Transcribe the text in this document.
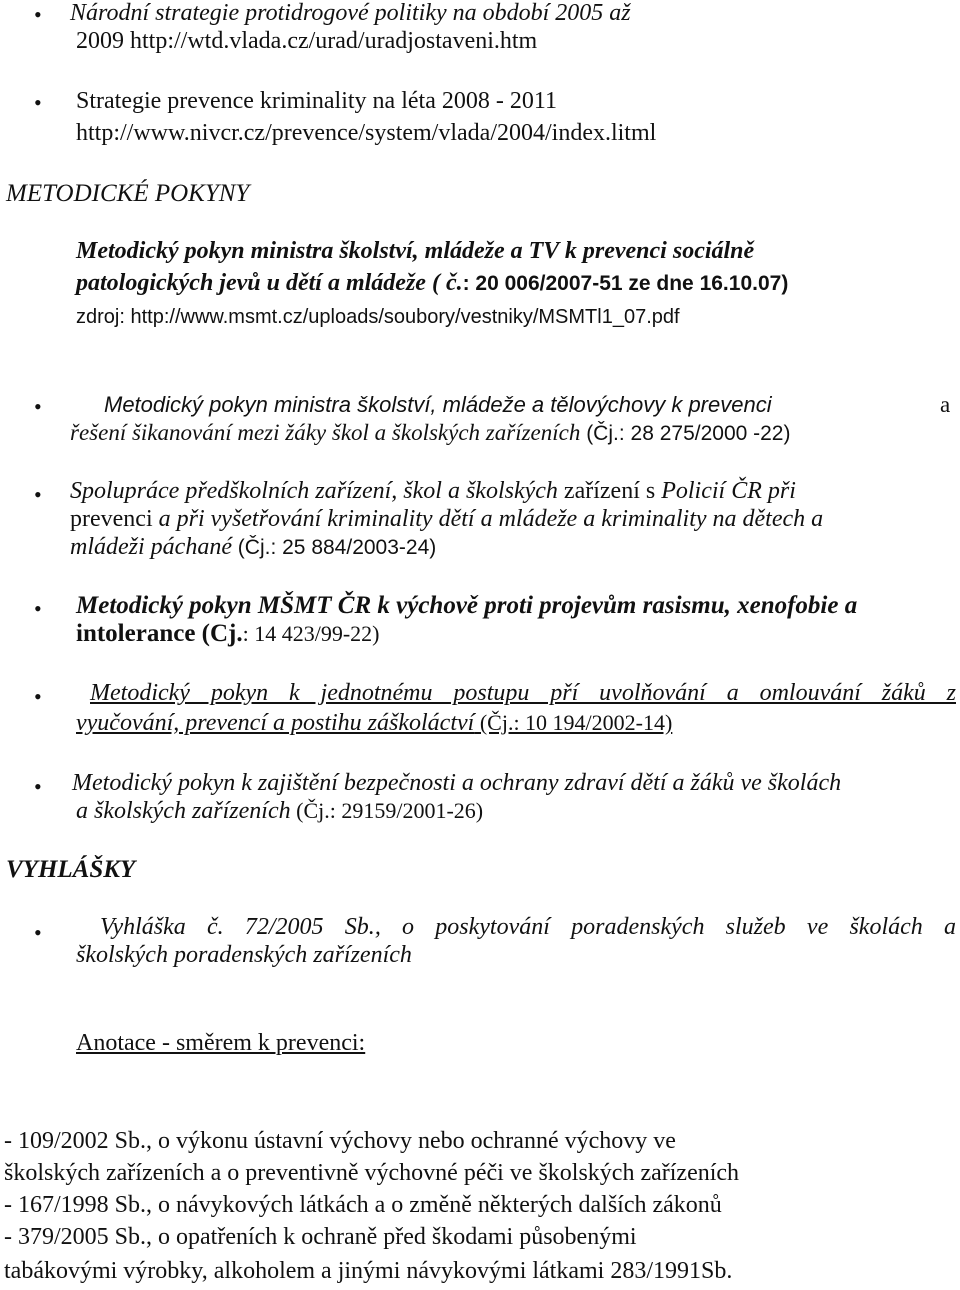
• Národní strategie protidrogové politiky na období 2005 až
2009 http://wtd.vlada.cz/urad/uradjostaveni.htm
• Strategie prevence kriminality na léta 2008 - 2011
http://www.nivcr.cz/prevence/system/vlada/2004/index.litml
METODICKÉ POKYNY
Metodický pokyn ministra školství, mládeže a TV k prevenci sociálně
patologických jevů u dětí a mládeže ( č.: 20 006/2007-51 ze dne 16.10.07)
zdroj: http://www.msmt.cz/uploads/soubory/vestniky/MSMTl1_07.pdf
•	Metodický pokyn ministra školství, mládeže a tělovýchovy k prevenci	a
řešení šikanování mezi žáky škol a školských zařízeních (Čj.: 28 275/2000 -22)
• Spolupráce předškolních zařízení, škol a školských zařízení s Policií ČR při
prevenci a při vyšetřování kriminality dětí a mládeže a kriminality na dětech a
mládeži páchané (Čj.: 25 884/2003-24)
• Metodický pokyn MŠMT ČR k výchově proti projevům rasismu, xenofobie a
intolerance (Cj.: 14 423/99-22)
• Metodický pokyn k jednotnému postupu pří uvolňování a omlouvání žáků z
vyučování, prevencí a postihu záškoláctví (Čj.: 10 194/2002-14)
• Metodický pokyn k zajištění bezpečnosti a ochrany zdraví dětí a žáků ve školách
a školských zařízeních (Čj.: 29159/2001-26)
VYHLÁŠKY
• Vyhláška č. 72/2005 Sb., o poskytování poradenských služeb ve školách a
školských poradenských zařízeních
Anotace - směrem k prevenci:
- 109/2002 Sb., o výkonu ústavní výchovy nebo ochranné výchovy ve
školských zařízeních a o preventivně výchovné péči ve školských zařízeních
- 167/1998 Sb., o návykových látkách a o změně některých dalších zákonů
- 379/2005 Sb., o opatřeních k ochraně před škodami působenými
tabákovými výrobky, alkoholem a jinými návykovými látkami 283/1991Sb.
